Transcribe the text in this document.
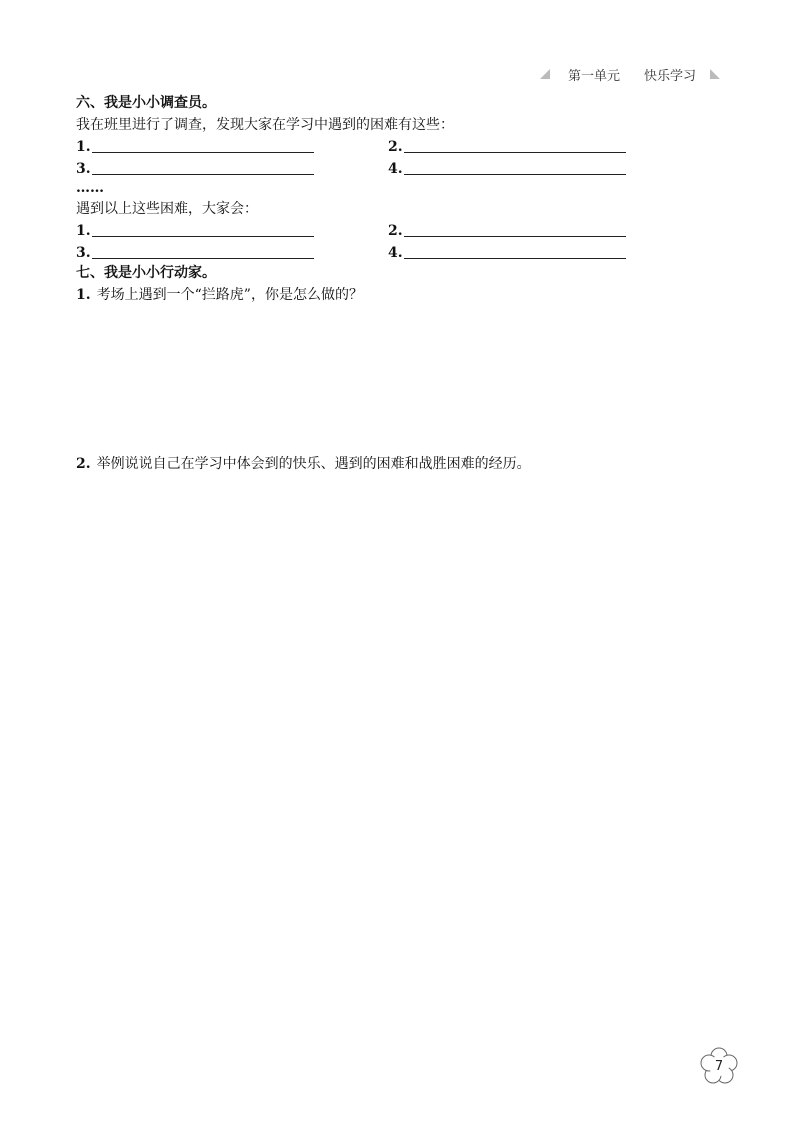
第一单元 快乐学习
六、我是小小调查员。
我在班里进行了调查，发现大家在学习中遇到的困难有这些：
1.	2.
3.	4.
……
遇到以上这些困难，大家会：
1.	2.
3.	4.
七、我是小小行动家。
1. 考场上遇到一个“拦路虎”，你是怎么做的？
2. 举例说说自己在学习中体会到的快乐、遇到的困难和战胜困难的经历。
7
